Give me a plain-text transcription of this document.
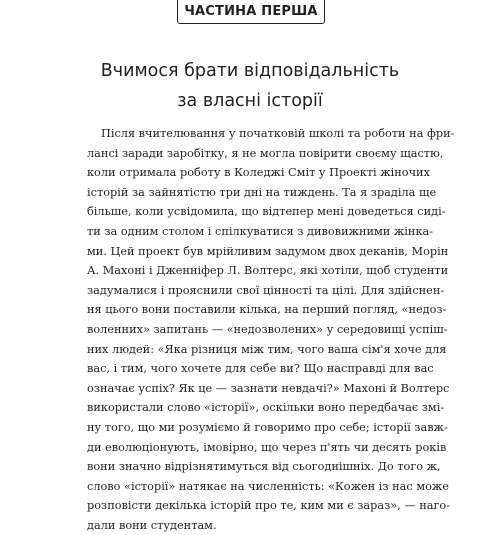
ЧАСТИНА ПЕРША
Вчимося брати відповідальність
за власні історії
Після вчителювання у початковій школі та роботи на фри-
лансі заради заробітку, я не могла повірити своєму щастю,
коли отримала роботу в Коледжі Сміт у Проекті жіночих
історій за зайнятістю три дні на тиждень. Та я зраділа ще
більше, коли усвідомила, що відтепер мені доведеться сиді-
ти за одним столом і спілкуватися з дивовижними жінка-
ми. Цей проект був мрійливим задумом двох деканів, Морін
А. Махоні і Дженніфер Л. Волтерс, які хотіли, щоб студенти
задумалися і прояснили свої цінності та цілі. Для здійснен-
ня цього вони поставили кілька, на перший погляд, «недоз-
воленних» запитань — «недозволених» у середовищі успіш-
них людей: «Яка різниця між тим, чого ваша сім'я хоче для
вас, і тим, чого хочете для себе ви? Що насправді для вас
означає успіх? Як це — зазнати невдачі?» Махоні й Волтерс
використали слово «історії», оскільки воно передбачає змі-
ну того, що ми розуміємо й говоримо про себе; історії завж-
ди еволюціонують, імовірно, що через п'ять чи десять років
вони значно відрізнятимуться від сьогоднішніх. До того ж,
слово «історії» натякає на численність: «Кожен із нас може
розповісти декілька історій про те, ким ми є зараз», — наго-
дали вони студентам.
